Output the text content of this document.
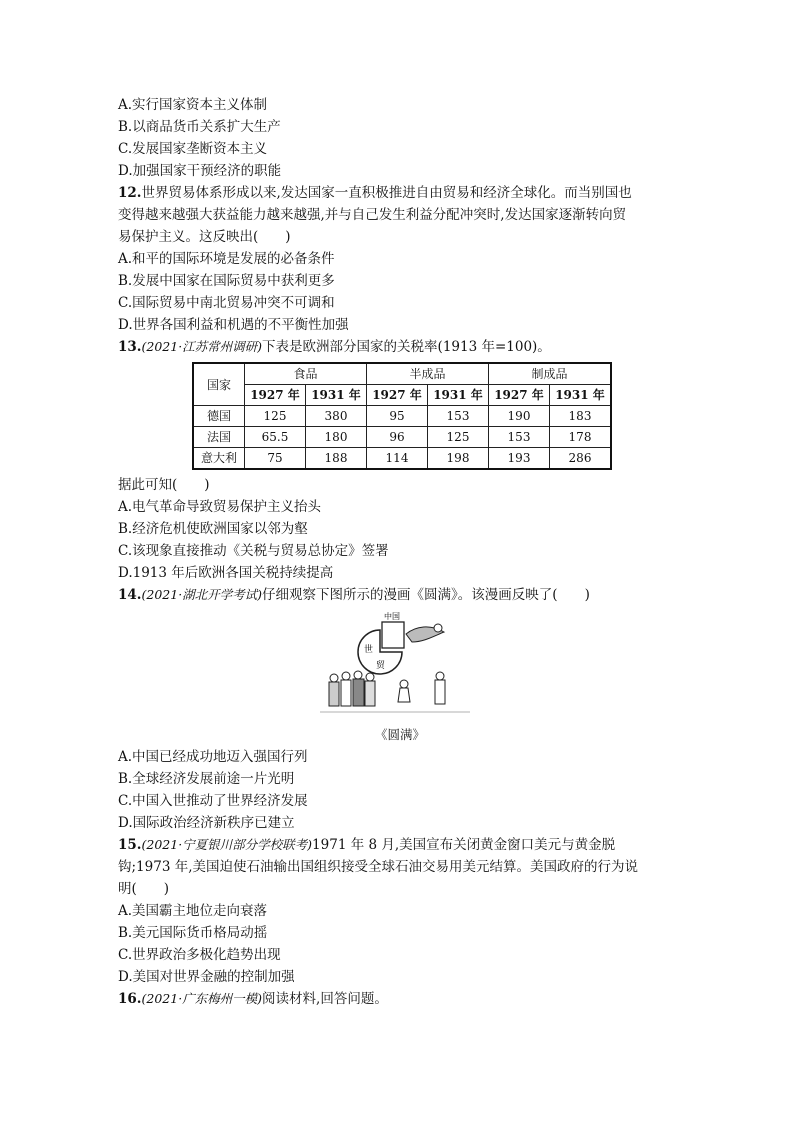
A.实行国家资本主义体制
B.以商品货币关系扩大生产
C.发展国家垄断资本主义
D.加强国家干预经济的职能
12.世界贸易体系形成以来,发达国家一直积极推进自由贸易和经济全球化。而当别国也
变得越来越强大获益能力越来越强,并与自己发生利益分配冲突时,发达国家逐渐转向贸
易保护主义。这反映出(　　)
A.和平的国际环境是发展的必备条件
B.发展中国家在国际贸易中获利更多
C.国际贸易中南北贸易冲突不可调和
D.世界各国利益和机遇的不平衡性加强
13.(2021·江苏常州调研)下表是欧洲部分国家的关税率(1913 年=100)。
国家	食品		半成品		制成品	
	1927 年	1931 年	1927 年	1931 年	1927 年	1931 年
德国	125	380	95	153	190	183
法国	65.5	180	96	125	153	178
意大利	75	188	114	198	193	286
据此可知(　　)
A.电气革命导致贸易保护主义抬头
B.经济危机使欧洲国家以邻为壑
C.该现象直接推动《关税与贸易总协定》签署
D.1913 年后欧洲各国关税持续提高
14.(2021·湖北开学考试)仔细观察下图所示的漫画《圆满》。该漫画反映了(　　)
世
贸
中国
《圆满》
A.中国已经成功地迈入强国行列
B.全球经济发展前途一片光明
C.中国入世推动了世界经济发展
D.国际政治经济新秩序已建立
15.(2021·宁夏银川部分学校联考)1971 年 8 月,美国宣布关闭黄金窗口美元与黄金脱
钩;1973 年,美国迫使石油输出国组织接受全球石油交易用美元结算。美国政府的行为说
明(　　)
A.美国霸主地位走向衰落
B.美元国际货币格局动摇
C.世界政治多极化趋势出现
D.美国对世界金融的控制加强
16.(2021·广东梅州一模)阅读材料,回答问题。
